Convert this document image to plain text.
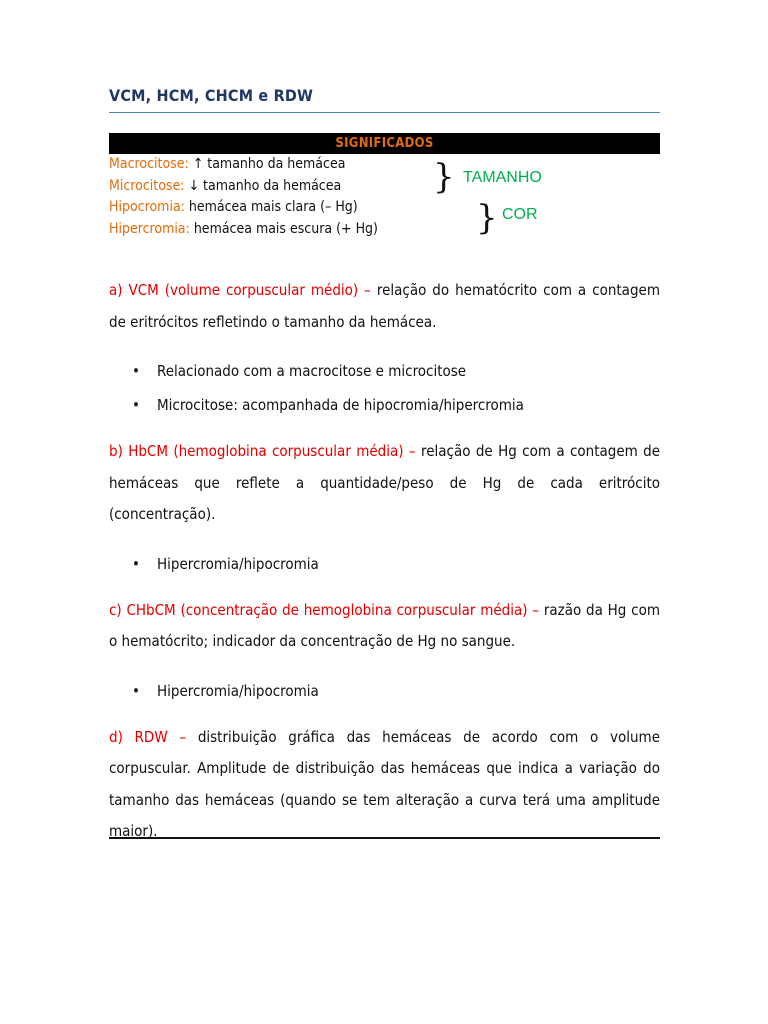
VCM, HCM, CHCM e RDW
SIGNIFICADOS
Macrocitose: ↑ tamanho da hemácea
Microcitose: ↓ tamanho da hemácea
Hipocromia: hemácea mais clara (– Hg)
Hipercromia: hemácea mais escura (+ Hg)
} TAMANHO
} COR

a) VCM (volume corpuscular médio) – relação do hematócrito com a contagem de eritrócitos refletindo o tamanho da hemácea.

• Relacionado com a macrocitose e microcitose
• Microcitose: acompanhada de hipocromia/hipercromia

b) HbCM (hemoglobina corpuscular média) – relação de Hg com a contagem de hemáceas que reflete a quantidade/peso de Hg de cada eritrócito (concentração).

• Hipercromia/hipocromia

c) CHbCM (concentração de hemoglobina corpuscular média) – razão da Hg com o hematócrito; indicador da concentração de Hg no sangue.

• Hipercromia/hipocromia

d) RDW – distribuição gráfica das hemáceas de acordo com o volume corpuscular. Amplitude de distribuição das hemáceas que indica a variação do tamanho das hemáceas (quando se tem alteração a curva terá uma amplitude maior).
